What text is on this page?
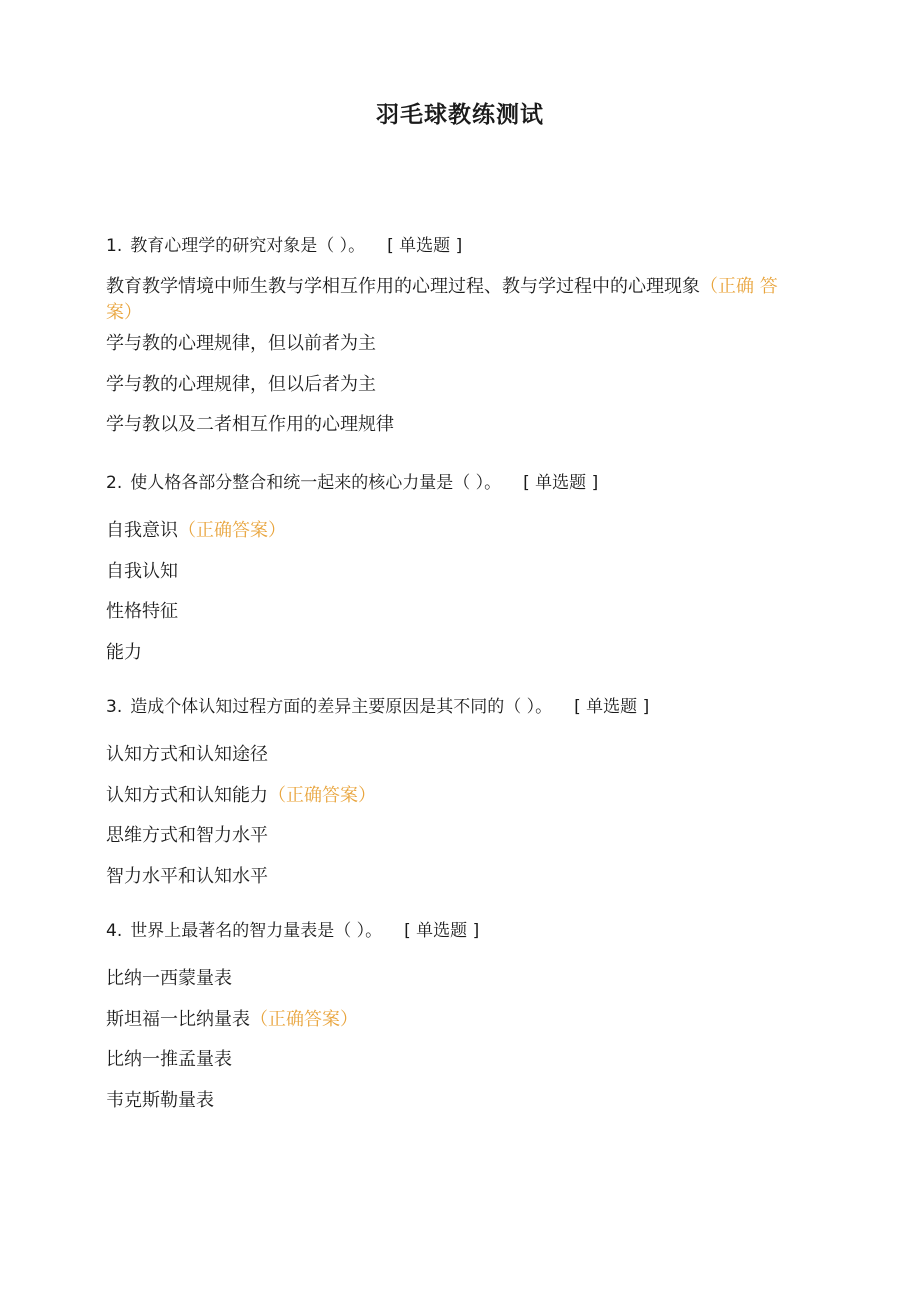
羽毛球教练测试
1. 教育心理学的研究对象是（ ）。 [ 单选题 ]
教育教学情境中师生教与学相互作用的心理过程、教与学过程中的心理现象（正确 答案）
学与教的心理规律，但以前者为主
学与教的心理规律，但以后者为主
学与教以及二者相互作用的心理规律
2. 使人格各部分整合和统一起来的核心力量是（ ）。 [ 单选题 ]
自我意识（正确答案）
自我认知
性格特征
能力
3. 造成个体认知过程方面的差异主要原因是其不同的（ ）。 [ 单选题 ]
认知方式和认知途径
认知方式和认知能力（正确答案）
思维方式和智力水平
智力水平和认知水平
4. 世界上最著名的智力量表是（ ）。 [ 单选题 ]
比纳一西蒙量表
斯坦福一比纳量表（正确答案）
比纳一推孟量表
韦克斯勒量表
